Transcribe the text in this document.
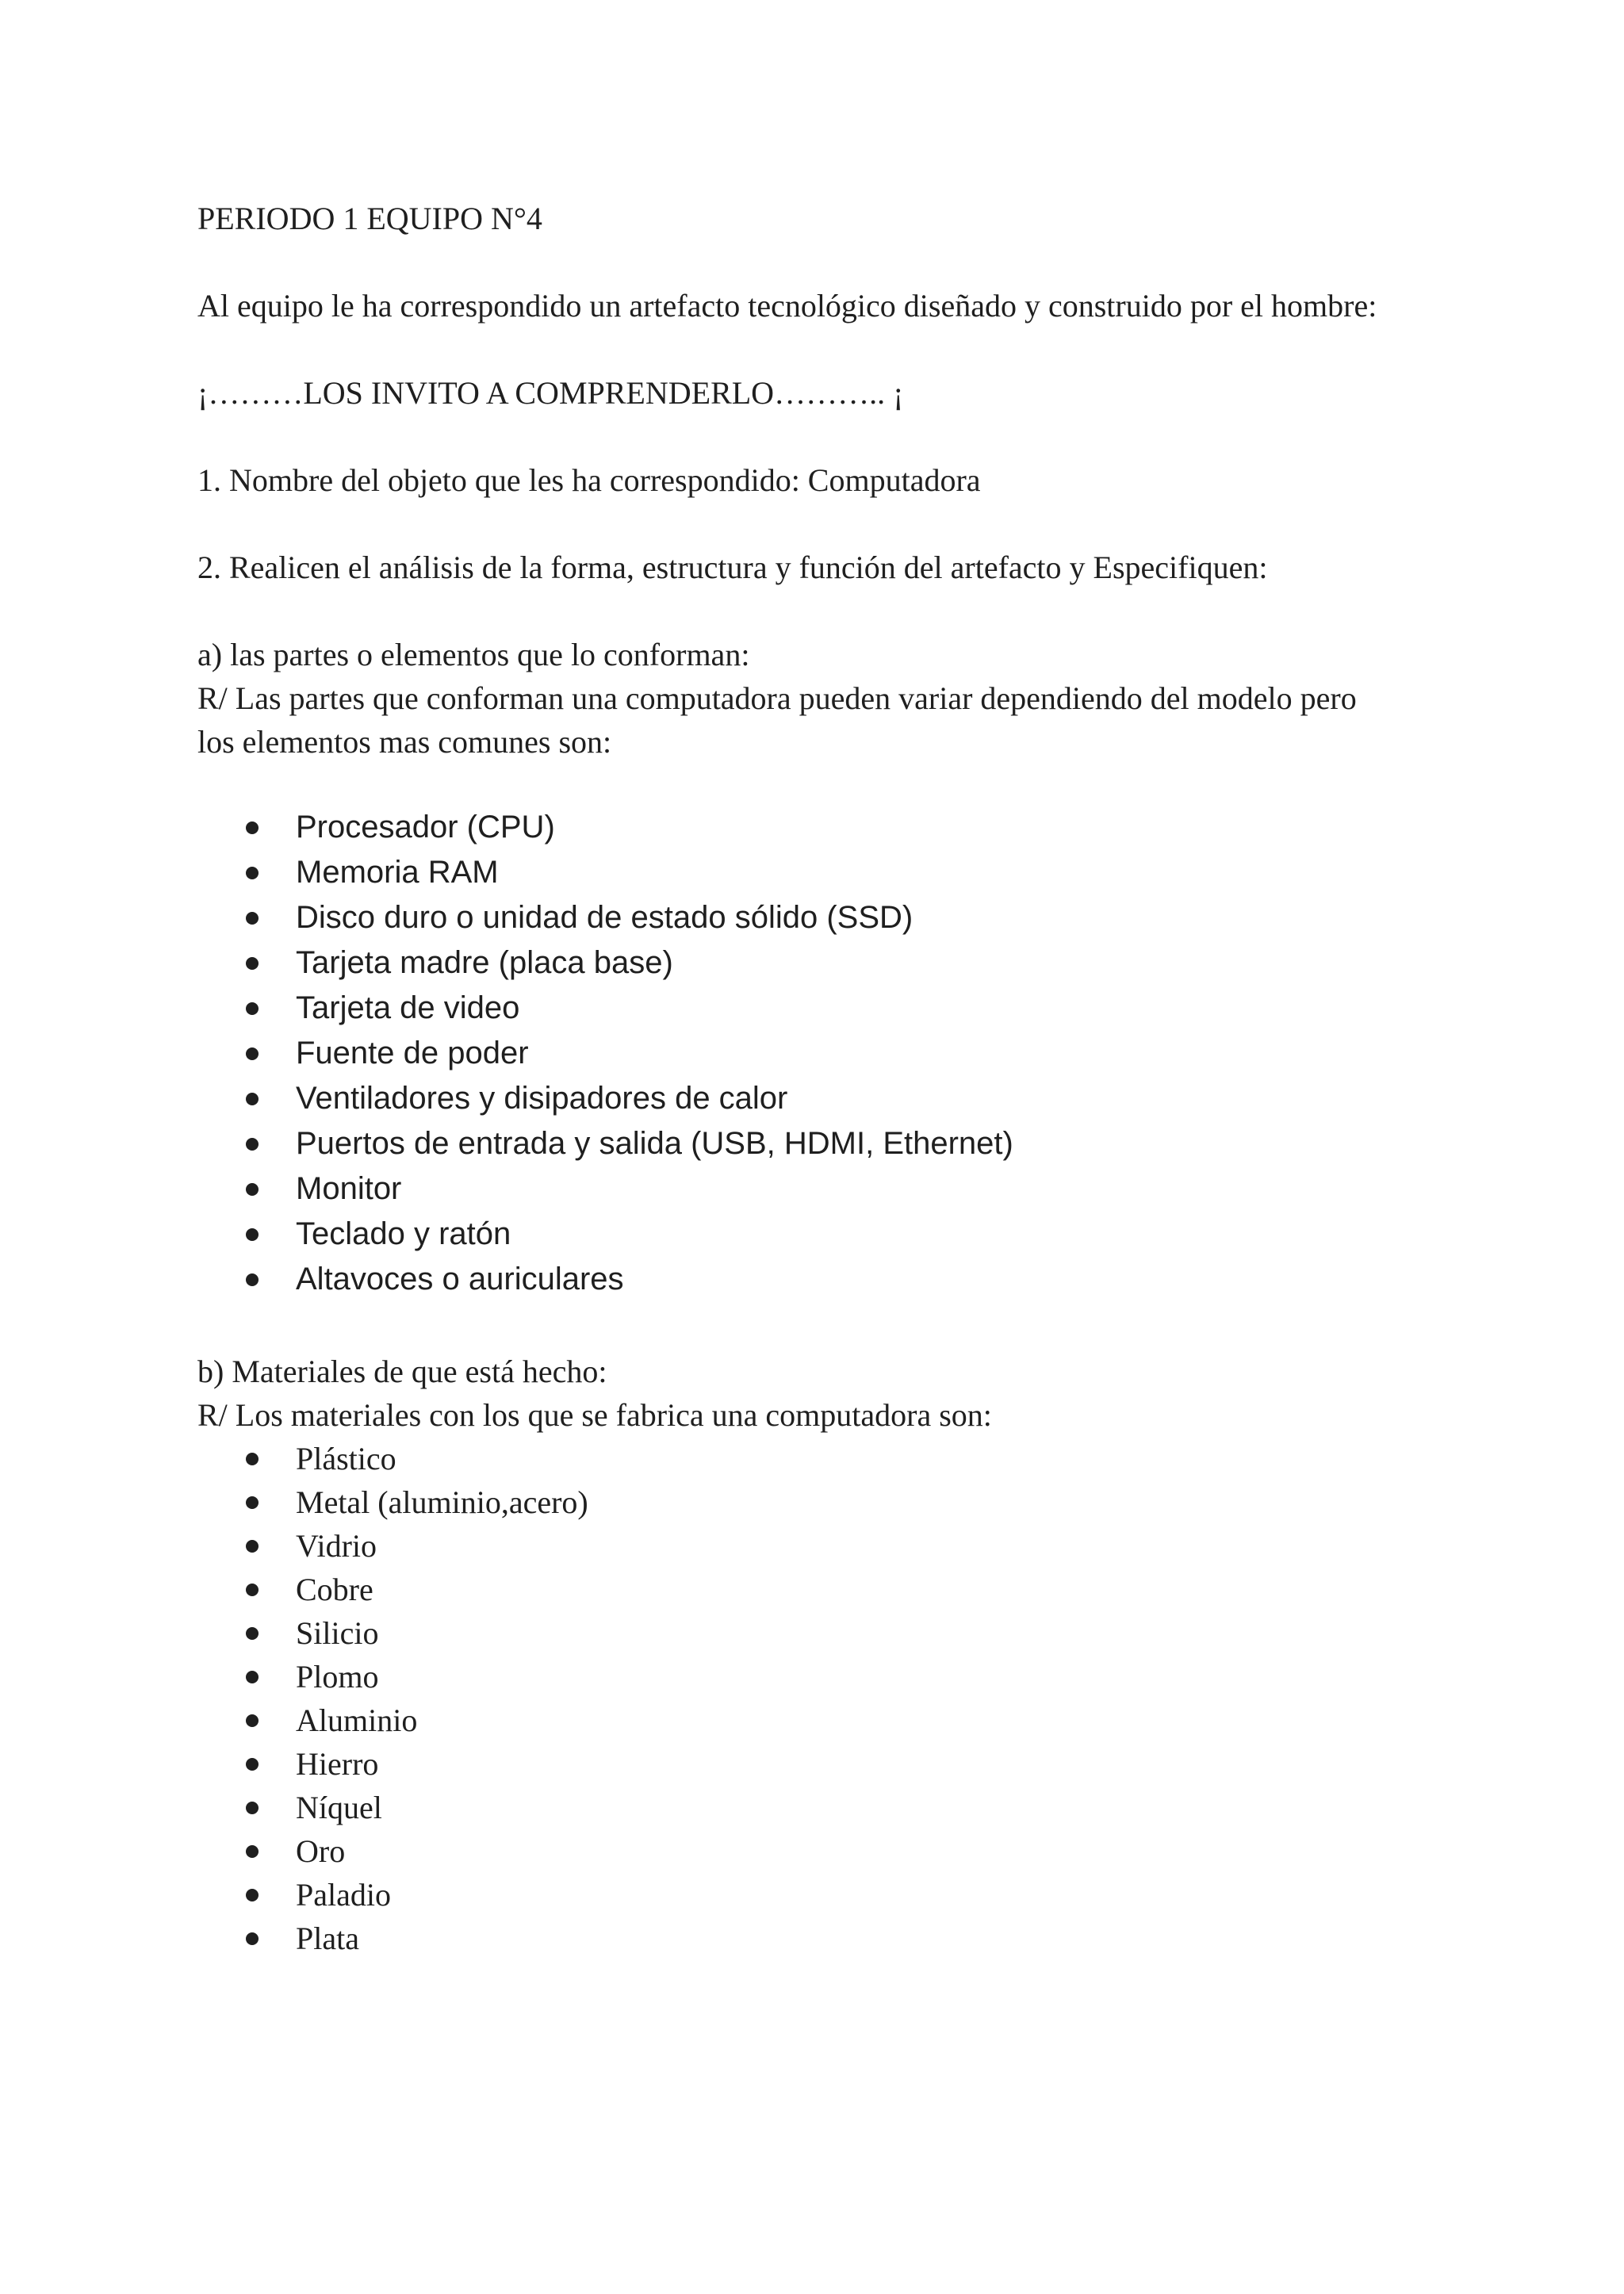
PERIODO 1 EQUIPO N°4

Al equipo le ha correspondido un artefacto tecnológico diseñado y construido por el hombre:

¡………LOS INVITO A COMPRENDERLO……….. ¡

1. Nombre del objeto que les ha correspondido: Computadora

2. Realicen el análisis de la forma, estructura y función del artefacto y Especifiquen:

a) las partes o elementos que lo conforman:

R/ Las partes que conforman una computadora pueden variar dependiendo del modelo pero

los elementos mas comunes son:

Procesador (CPU)
Memoria RAM
Disco duro o unidad de estado sólido (SSD)
Tarjeta madre (placa base)
Tarjeta de video
Fuente de poder
Ventiladores y disipadores de calor
Puertos de entrada y salida (USB, HDMI, Ethernet)
Monitor
Teclado y ratón
Altavoces o auriculares

b) Materiales de que está hecho:

R/ Los materiales con los que se fabrica una computadora son:

Plástico
Metal (aluminio,acero)
Vidrio
Cobre
Silicio
Plomo
Aluminio
Hierro
Níquel
Oro
Paladio
Plata
